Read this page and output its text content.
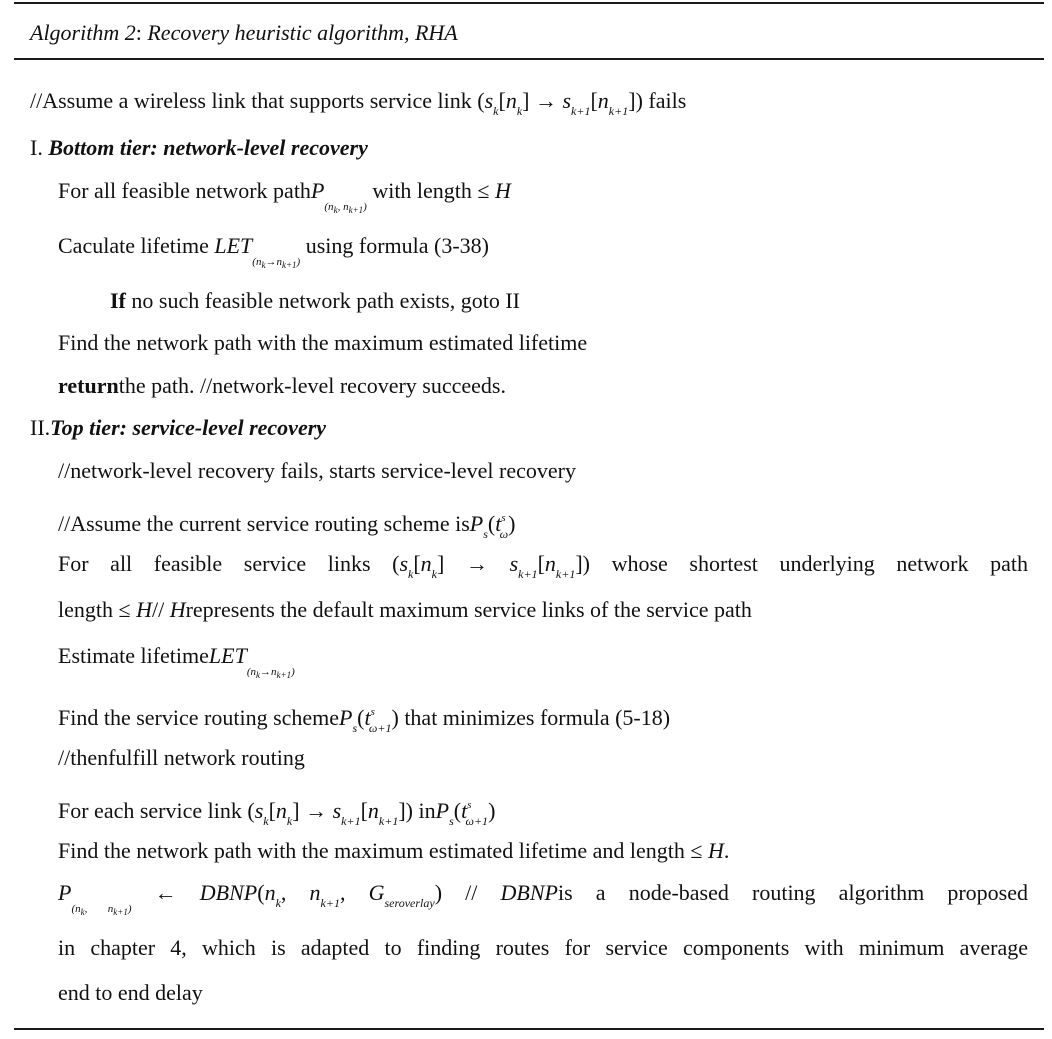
Algorithm 2: Recovery heuristic algorithm, RHA
//Assume a wireless link that supports service link $(s_k[n_k] \to s_{k+1}[n_{k+1}])$ fails
I. Bottom tier: network-level recovery
For all feasible network pathP$_{(n_k, n_{k+1})}$ with length ≤ H
Caculate lifetime $LET_{(n_k\to n_{k+1})}$ using formula (3-38)
If no such feasible network path exists, goto II
Find the network path with the maximum estimated lifetime
returnthe path. //network-level recovery succeeds.
II.Top tier: service-level recovery
//network-level recovery fails, starts service-level recovery
//Assume the current service routing scheme $isP_s(t^s_\omega)$
For all feasible service links $(s_k[n_k] \to s_{k+1}[n_{k+1}])$ whose shortest underlying network path
length ≤ H// Hrepresents the default maximum service links of the service path
Estimate lifetimeLET$_{(n_k\to n_{k+1})}$
Find the service routing $schemeP_s(t^s_{\omega+1})$ that minimizes formula (5-18)
//thenfulfill network routing
For each service link $(s_k[n_k] \to s_{k+1}[n_{k+1}])$ $inP_s(t^s_{\omega+1})$
Find the network path with the maximum estimated lifetime and length ≤ H.
$P_{(n_k, n_{k+1})}$ ← $DBNP(n_k$, $n_{k+1}$, $G_{seroverlay}$) // DBNPis a node-based routing algorithm proposed
in chapter 4, which is adapted to finding routes for service components with minimum average
end to end delay
